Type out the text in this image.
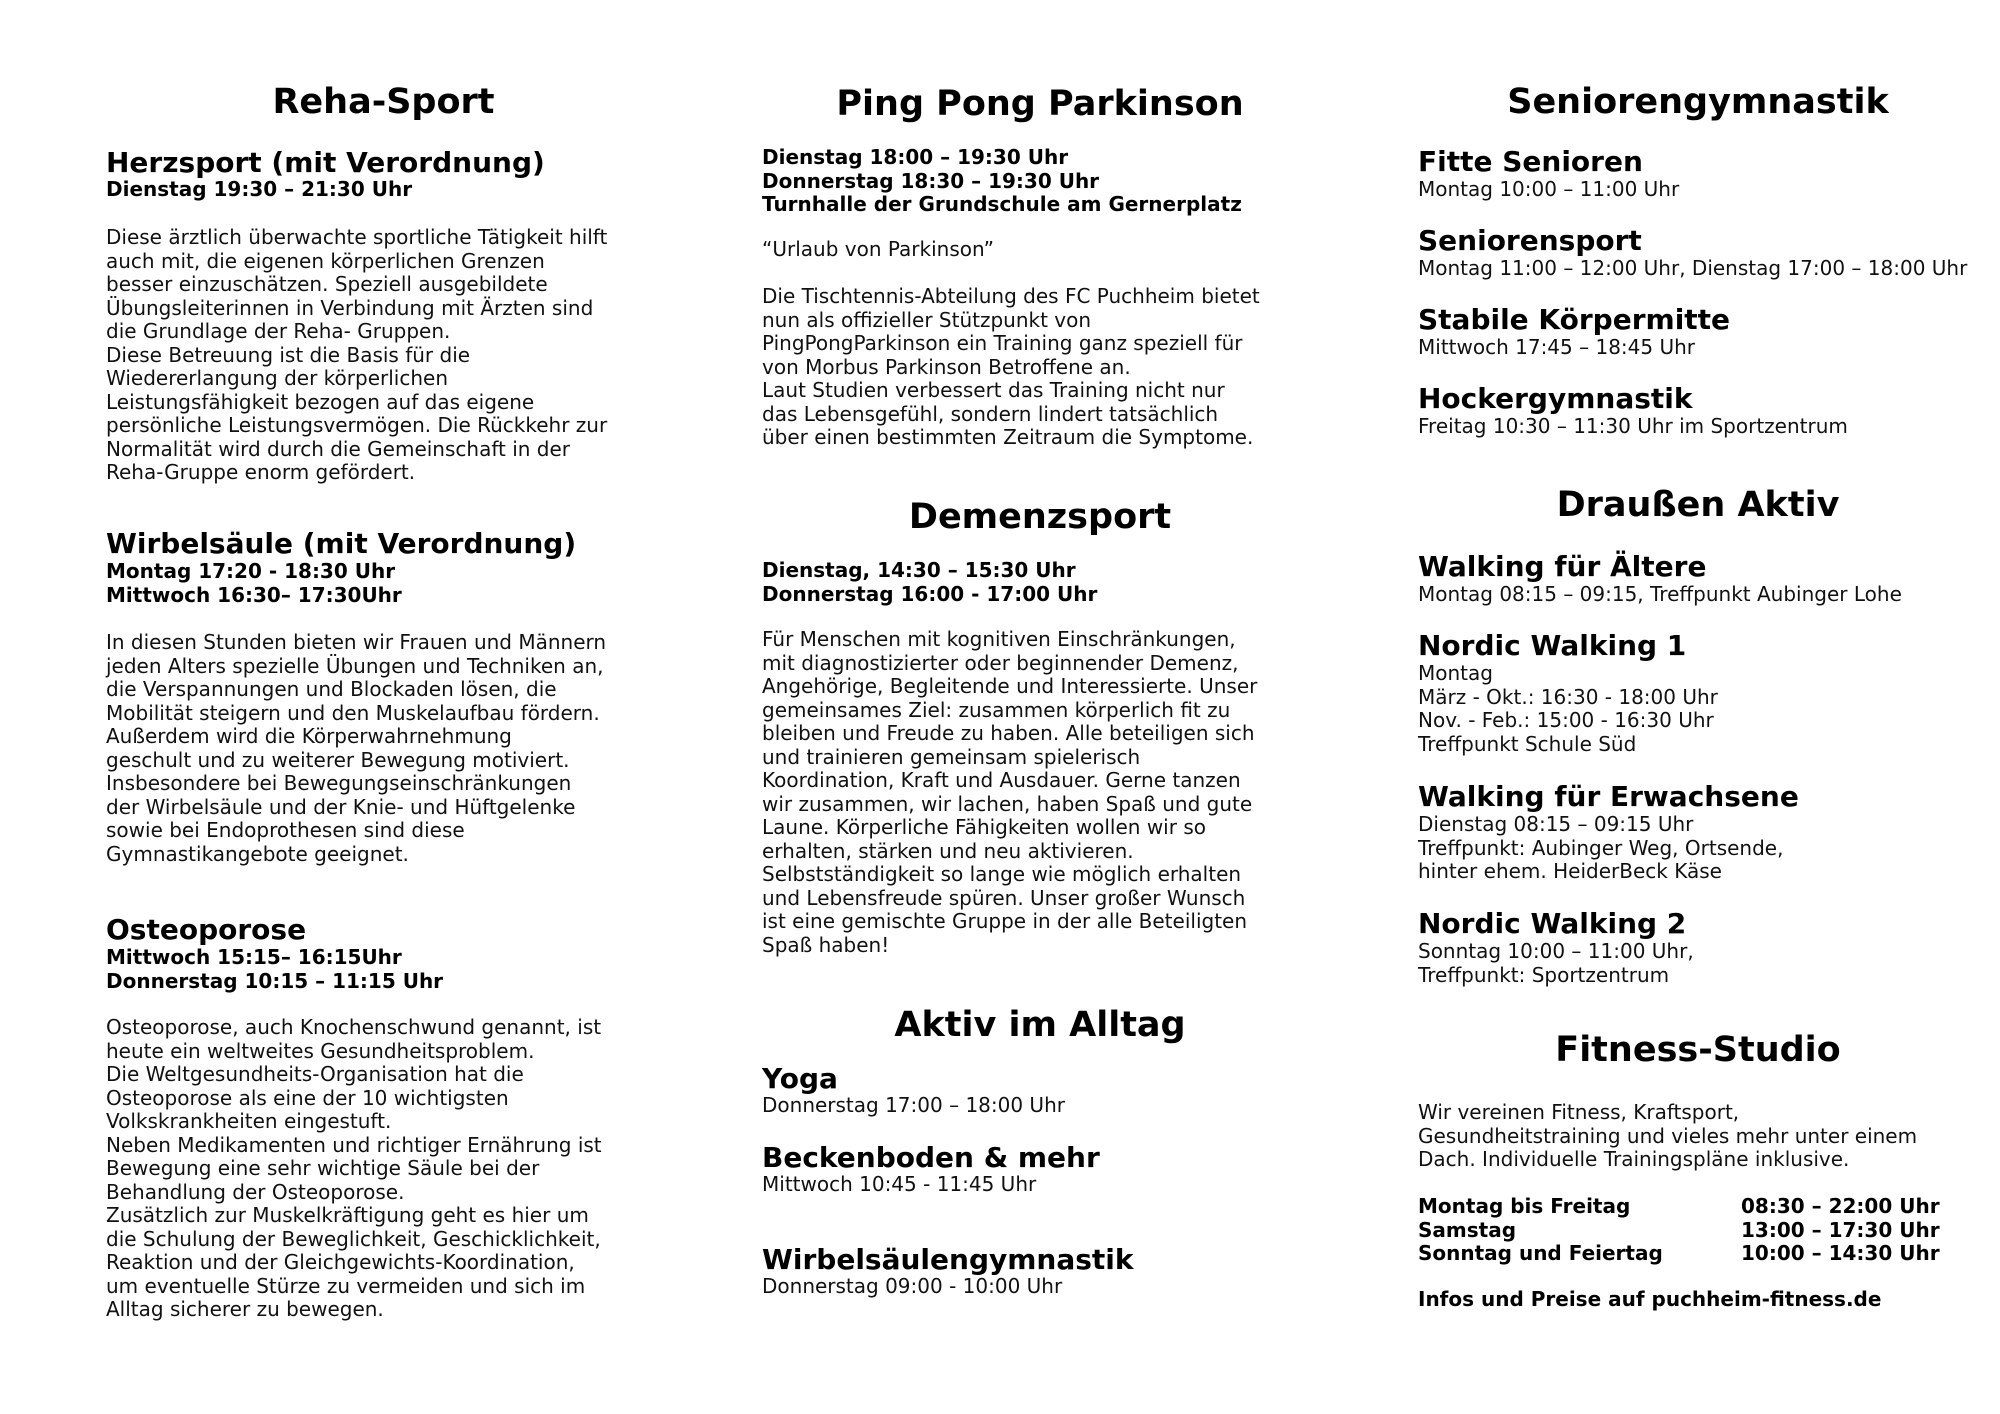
Reha-Sport
Herzsport (mit Verordnung)
Dienstag 19:30 – 21:30 Uhr
Diese ärztlich überwachte sportliche Tätigkeit hilft
auch mit, die eigenen körperlichen Grenzen
besser einzuschätzen. Speziell ausgebildete
Übungsleiterinnen in Verbindung mit Ärzten sind
die Grundlage der Reha- Gruppen.
Diese Betreuung ist die Basis für die
Wiedererlangung der körperlichen
Leistungsfähigkeit bezogen auf das eigene
persönliche Leistungsvermögen. Die Rückkehr zur
Normalität wird durch die Gemeinschaft in der
Reha-Gruppe enorm gefördert.
Wirbelsäule (mit Verordnung)
Montag 17:20 - 18:30 Uhr
Mittwoch 16:30– 17:30Uhr
In diesen Stunden bieten wir Frauen und Männern
jeden Alters spezielle Übungen und Techniken an,
die Verspannungen und Blockaden lösen, die
Mobilität steigern und den Muskelaufbau fördern.
Außerdem wird die Körperwahrnehmung
geschult und zu weiterer Bewegung motiviert.
Insbesondere bei Bewegungseinschränkungen
der Wirbelsäule und der Knie- und Hüftgelenke
sowie bei Endoprothesen sind diese
Gymnastikangebote geeignet.
Osteoporose
Mittwoch 15:15– 16:15Uhr
Donnerstag 10:15 – 11:15 Uhr
Osteoporose, auch Knochenschwund genannt, ist
heute ein weltweites Gesundheitsproblem.
Die Weltgesundheits-Organisation hat die
Osteoporose als eine der 10 wichtigsten
Volkskrankheiten eingestuft.
Neben Medikamenten und richtiger Ernährung ist
Bewegung eine sehr wichtige Säule bei der
Behandlung der Osteoporose.
Zusätzlich zur Muskelkräftigung geht es hier um
die Schulung der Beweglichkeit, Geschicklichkeit,
Reaktion und der Gleichgewichts-Koordination,
um eventuelle Stürze zu vermeiden und sich im
Alltag sicherer zu bewegen.
Ping Pong Parkinson
Dienstag 18:00 – 19:30 Uhr
Donnerstag 18:30 – 19:30 Uhr
Turnhalle der Grundschule am Gernerplatz
“Urlaub von Parkinson”
Die Tischtennis-Abteilung des FC Puchheim bietet
nun als offizieller Stützpunkt von
PingPongParkinson ein Training ganz speziell für
von Morbus Parkinson Betroffene an.
Laut Studien verbessert das Training nicht nur
das Lebensgefühl, sondern lindert tatsächlich
über einen bestimmten Zeitraum die Symptome.
Demenzsport
Dienstag, 14:30 – 15:30 Uhr
Donnerstag 16:00 - 17:00 Uhr
Für Menschen mit kognitiven Einschränkungen,
mit diagnostizierter oder beginnender Demenz,
Angehörige, Begleitende und Interessierte. Unser
gemeinsames Ziel: zusammen körperlich fit zu
bleiben und Freude zu haben. Alle beteiligen sich
und trainieren gemeinsam spielerisch
Koordination, Kraft und Ausdauer. Gerne tanzen
wir zusammen, wir lachen, haben Spaß und gute
Laune. Körperliche Fähigkeiten wollen wir so
erhalten, stärken und neu aktivieren.
Selbstständigkeit so lange wie möglich erhalten
und Lebensfreude spüren. Unser großer Wunsch
ist eine gemischte Gruppe in der alle Beteiligten
Spaß haben!
Aktiv im Alltag
Yoga
Donnerstag 17:00 – 18:00 Uhr
Beckenboden & mehr
Mittwoch 10:45 - 11:45 Uhr
Wirbelsäulengymnastik
Donnerstag 09:00 - 10:00 Uhr
Seniorengymnastik
Fitte Senioren
Montag 10:00 – 11:00 Uhr
Seniorensport
Montag 11:00 – 12:00 Uhr, Dienstag 17:00 – 18:00 Uhr
Stabile Körpermitte
Mittwoch 17:45 – 18:45 Uhr
Hockergymnastik
Freitag 10:30 – 11:30 Uhr im Sportzentrum
Draußen Aktiv
Walking für Ältere
Montag 08:15 – 09:15, Treffpunkt Aubinger Lohe
Nordic Walking 1
Montag
März - Okt.: 16:30 - 18:00 Uhr
Nov. - Feb.: 15:00 - 16:30 Uhr
Treffpunkt Schule Süd
Walking für Erwachsene
Dienstag 08:15 – 09:15 Uhr
Treffpunkt: Aubinger Weg, Ortsende,
hinter ehem. HeiderBeck Käse
Nordic Walking 2
Sonntag 10:00 – 11:00 Uhr,
Treffpunkt: Sportzentrum
Fitness-Studio
Wir vereinen Fitness, Kraftsport,
Gesundheitstraining und vieles mehr unter einem
Dach. Individuelle Trainingspläne inklusive.
Montag bis Freitag	08:30 – 22:00 Uhr
Samstag	13:00 – 17:30 Uhr
Sonntag und Feiertag	10:00 – 14:30 Uhr
Infos und Preise auf puchheim-fitness.de
